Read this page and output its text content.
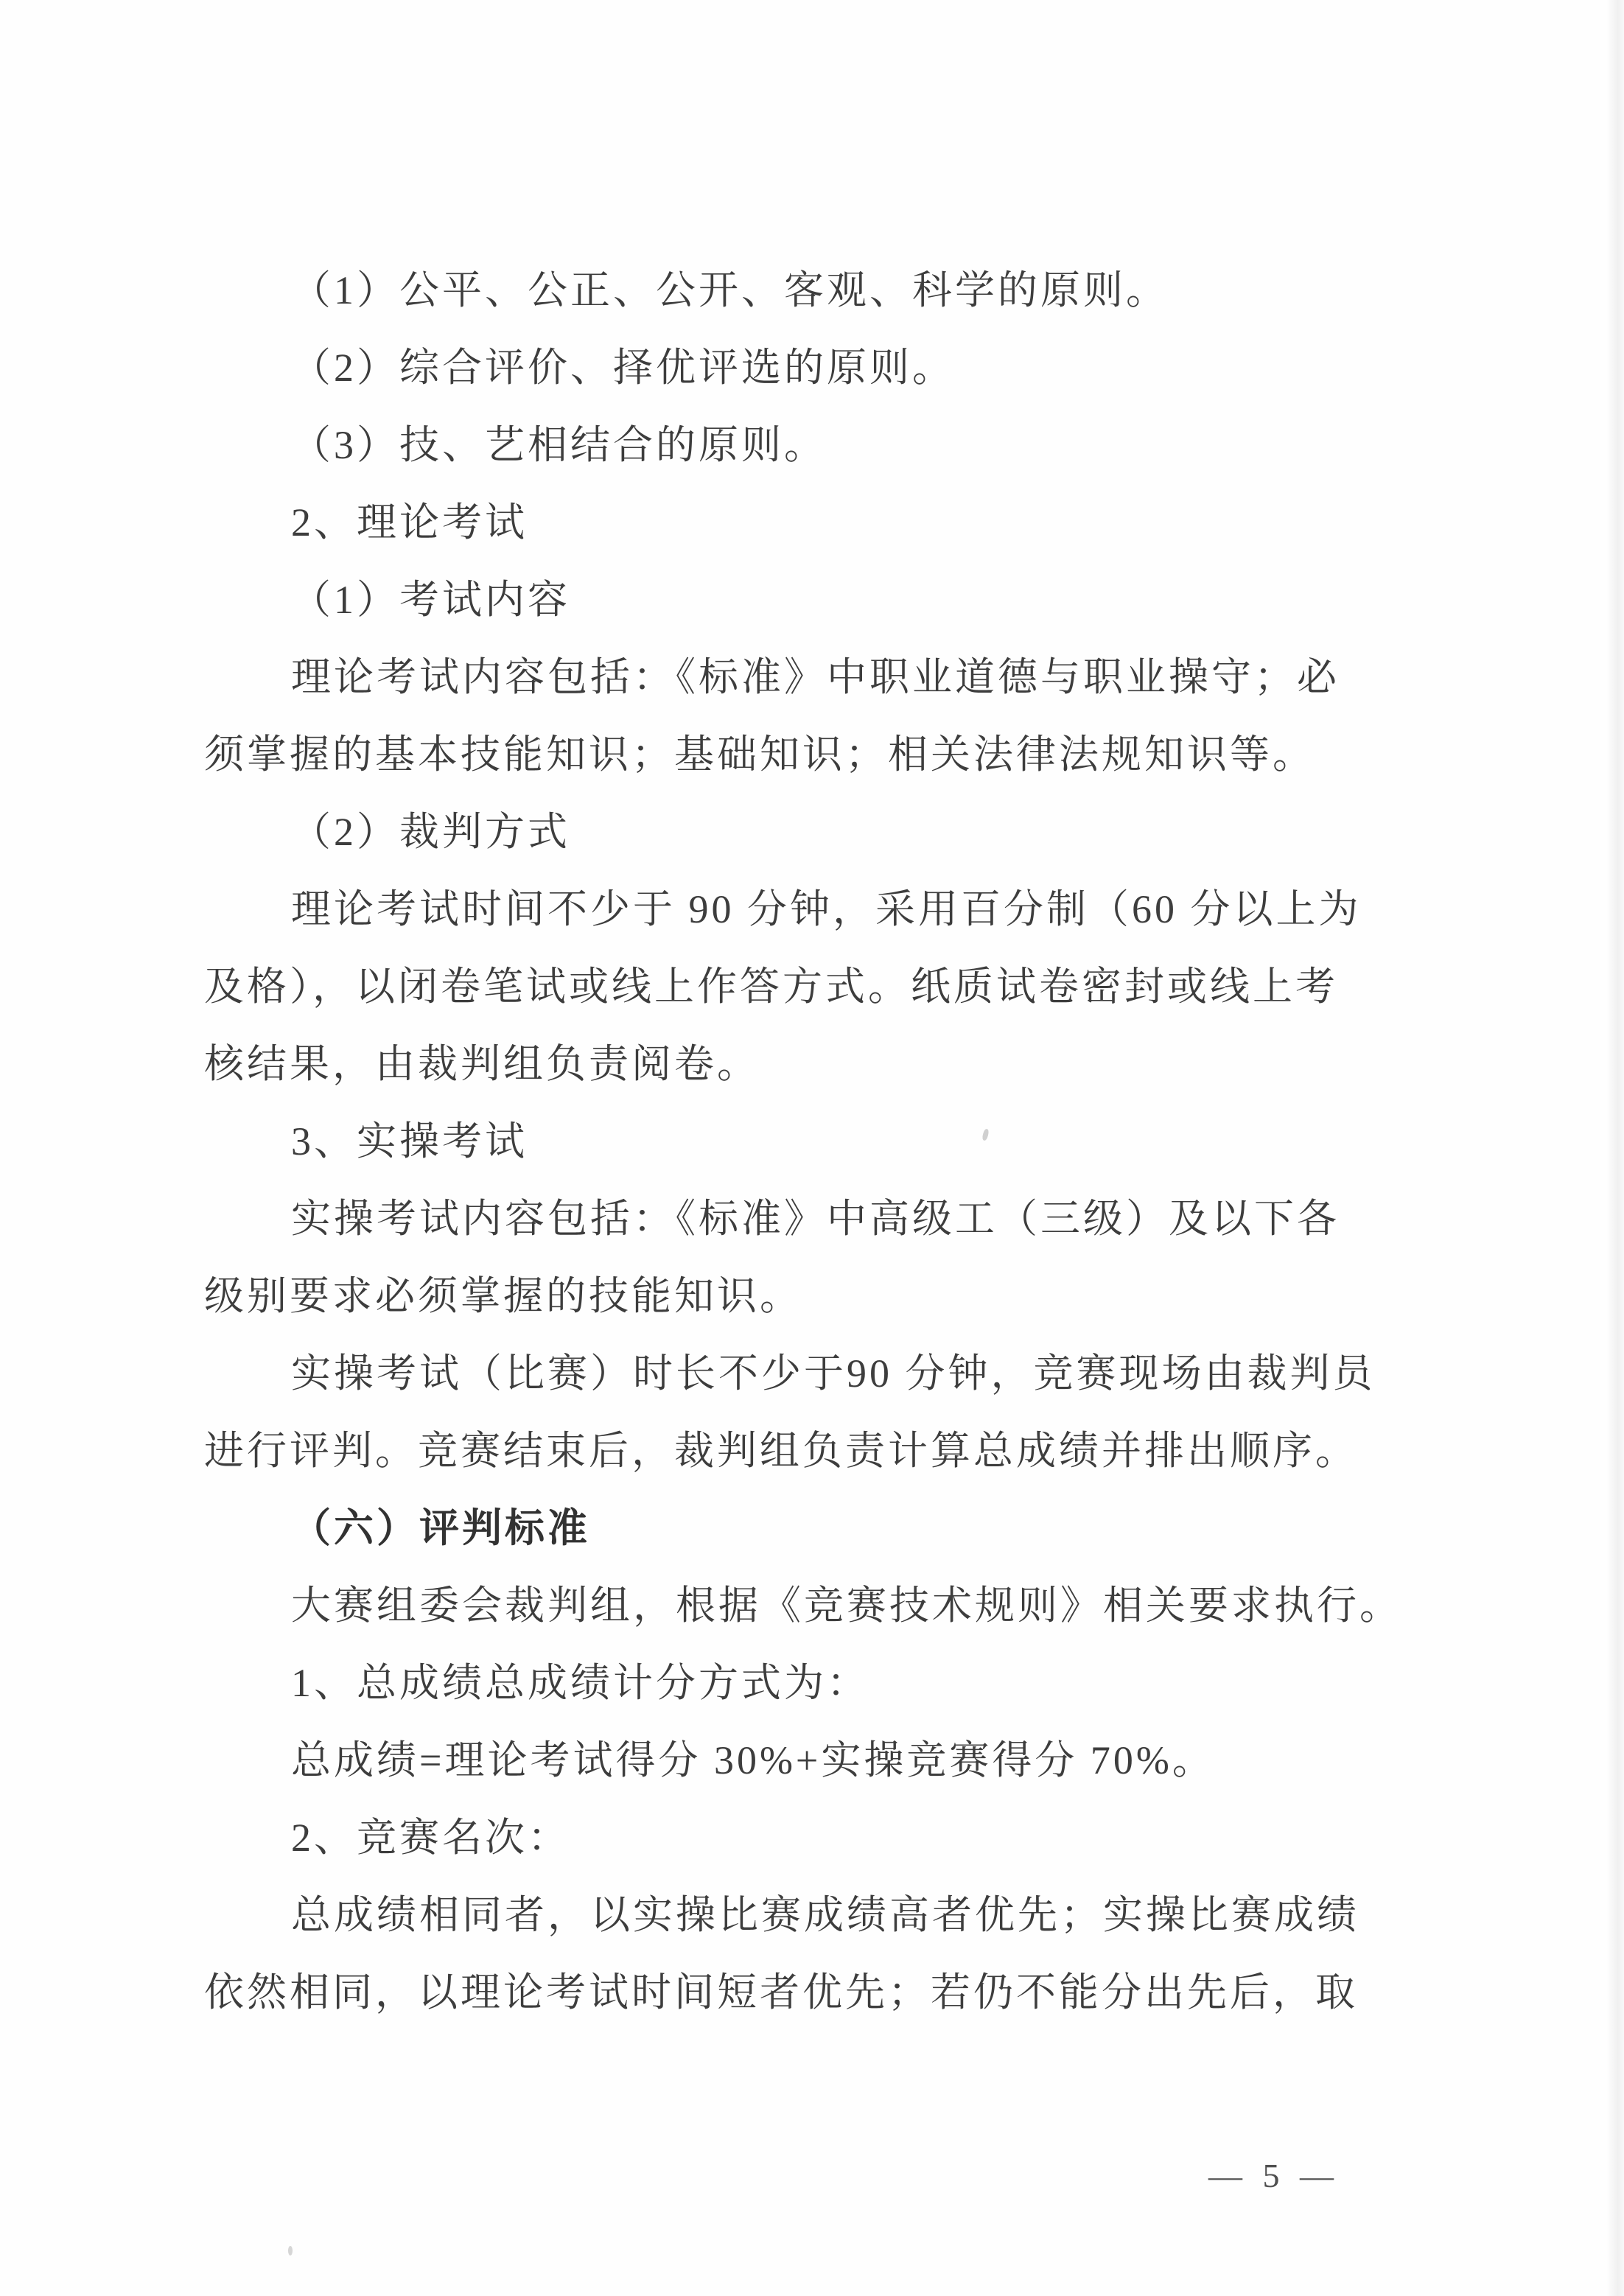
（1）公平、公正、公开、客观、科学的原则。
（2）综合评价、择优评选的原则。
（3）技、艺相结合的原则。
2、理论考试
（1）考试内容
理论考试内容包括：《标准》中职业道德与职业操守；必
须掌握的基本技能知识；基础知识；相关法律法规知识等。
（2）裁判方式
理论考试时间不少于 90 分钟，采用百分制（60 分以上为
及格），以闭卷笔试或线上作答方式。纸质试卷密封或线上考
核结果，由裁判组负责阅卷。
3、实操考试
实操考试内容包括：《标准》中高级工（三级）及以下各
级别要求必须掌握的技能知识。
实操考试（比赛）时长不少于90 分钟，竞赛现场由裁判员
进行评判。竞赛结束后，裁判组负责计算总成绩并排出顺序。
（六）评判标准
大赛组委会裁判组，根据《竞赛技术规则》相关要求执行。
1、总成绩总成绩计分方式为：
总成绩=理论考试得分 30%+实操竞赛得分 70%。
2、竞赛名次：
总成绩相同者，以实操比赛成绩高者优先；实操比赛成绩
依然相同，以理论考试时间短者优先；若仍不能分出先后，取
— 5 —
